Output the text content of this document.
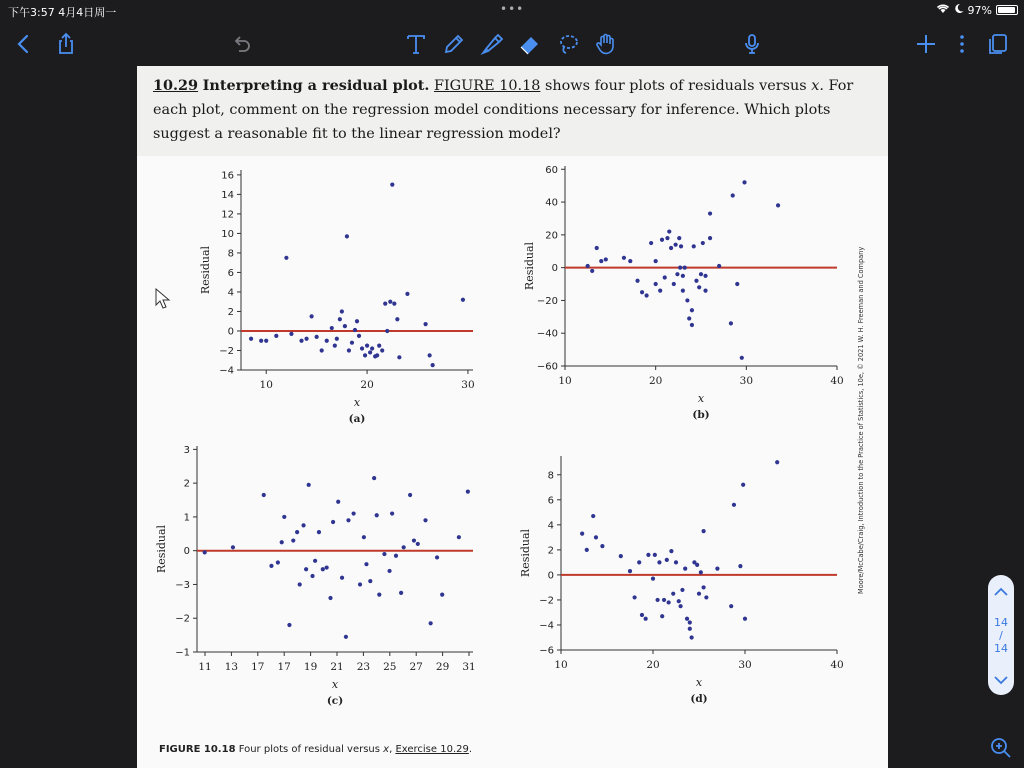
下午3:57 4月4日周一	•••	97%
10.29 Interpreting a residual plot. FIGURE 10.18 shows four plots of residuals versus x. For each plot, comment on the regression model conditions necessary for inference. Which plots suggest a reasonable fit to the linear regression model?
−4
−2
0
2
4
6
8
10
12
14
16
10	20	30
x
Residual
(a)
−60
−40
−20
0
20
40
60
10	20	30	40
x
Residual
(b)
−1
−2
−3
0
1
2
3
11 13 17 17 19 21 23 25 27 29 31
x
Residual
(c)
−6
−4
−2
0
2
4
6
8
10	20	30	40
x
Residual
(d)
Moore/McCabe/Craig, Introduction to the Practice of Statistics, 10e, © 2021 W. H. Freeman and Company
FIGURE 10.18 Four plots of residual versus x, Exercise 10.29.
14
/
14
